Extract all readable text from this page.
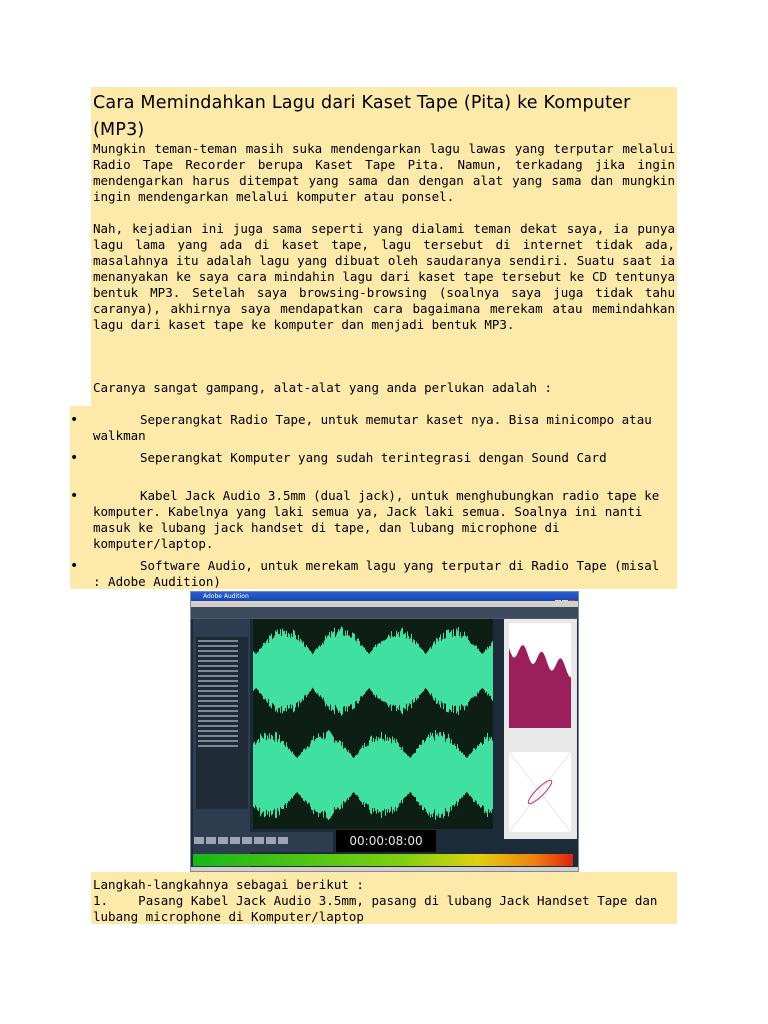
Cara Memindahkan Lagu dari Kaset Tape (Pita) ke Komputer (MP3)

Mungkin teman-teman masih suka mendengarkan lagu lawas yang terputar melalui Radio Tape Recorder berupa Kaset Tape Pita. Namun, terkadang jika ingin mendengarkan harus ditempat yang sama dan dengan alat yang sama dan mungkin ingin mendengarkan melalui komputer atau ponsel.

Nah, kejadian ini juga sama seperti yang dialami teman dekat saya, ia punya lagu lama yang ada di kaset tape, lagu tersebut di internet tidak ada, masalahnya itu adalah lagu yang dibuat oleh saudaranya sendiri. Suatu saat ia menanyakan ke saya cara mindahin lagu dari kaset tape tersebut ke CD tentunya bentuk MP3. Setelah saya browsing-browsing (soalnya saya juga tidak tahu caranya), akhirnya saya mendapatkan cara bagaimana merekam atau memindahkan lagu dari kaset tape ke komputer dan menjadi bentuk MP3.

Caranya sangat gampang, alat-alat yang anda perlukan adalah :

•	Seperangkat Radio Tape, untuk memutar kaset nya. Bisa minicompo atau walkman
•	Seperangkat Komputer yang sudah terintegrasi dengan Sound Card
•	Kabel Jack Audio 3.5mm (dual jack), untuk menghubungkan radio tape ke komputer. Kabelnya yang laki semua ya, Jack laki semua. Soalnya ini nanti masuk ke lubang jack handset di tape, dan lubang microphone di komputer/laptop.
•	Software Audio, untuk merekam lagu yang terputar di Radio Tape (misal : Adobe Audition)
Adobe Audition
00:00:08:00
Langkah-langkahnya sebagai berikut :
1. Pasang Kabel Jack Audio 3.5mm, pasang di lubang Jack Handset Tape dan lubang microphone di Komputer/laptop
